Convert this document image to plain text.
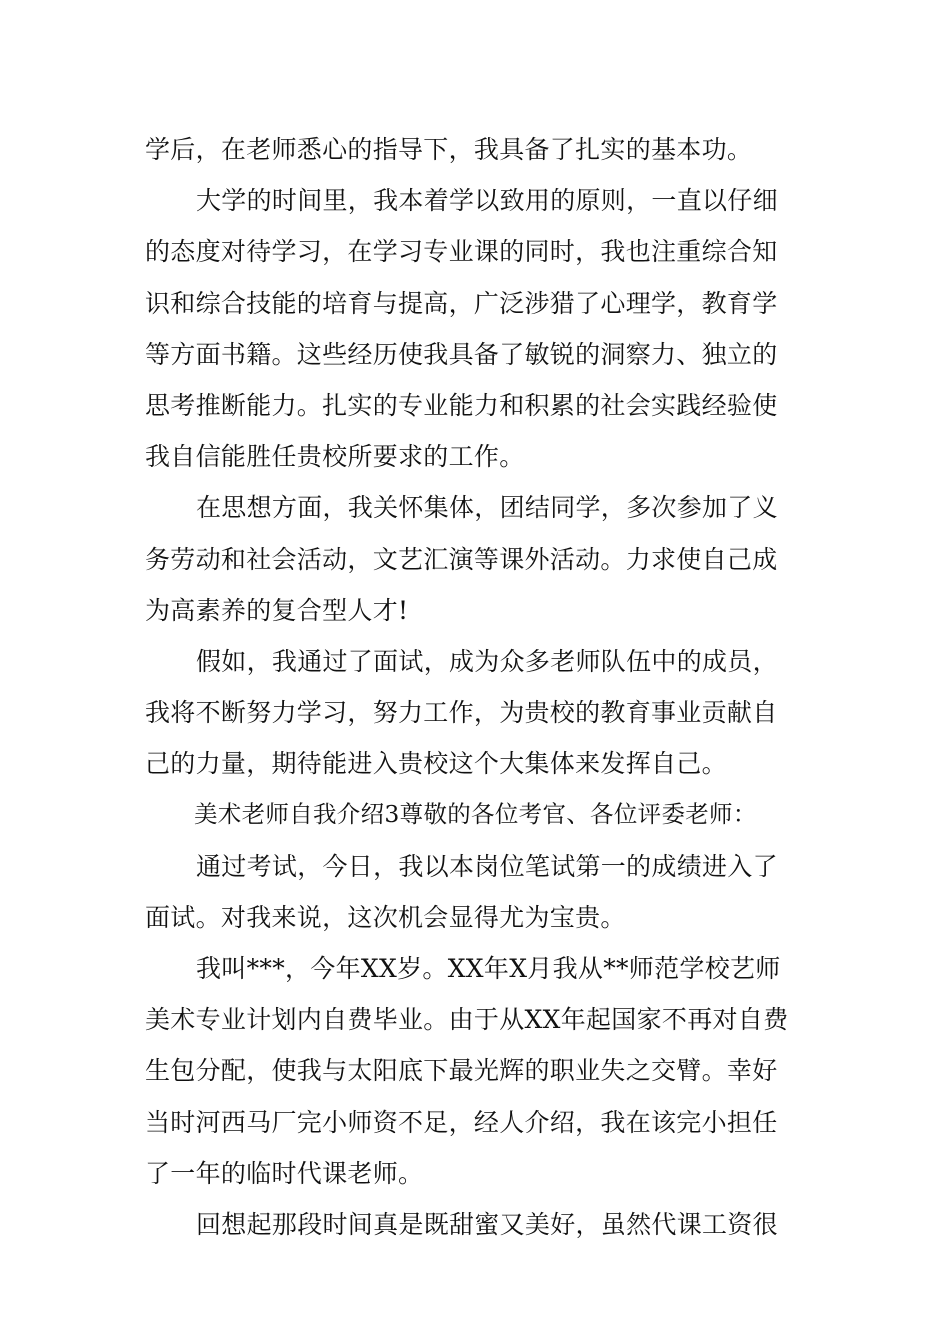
学后，在老师悉心的指导下，我具备了扎实的基本功。
大学的时间里，我本着学以致用的原则，一直以仔细
的态度对待学习，在学习专业课的同时，我也注重综合知
识和综合技能的培育与提高，广泛涉猎了心理学，教育学
等方面书籍。这些经历使我具备了敏锐的洞察力、独立的
思考推断能力。扎实的专业能力和积累的社会实践经验使
我自信能胜任贵校所要求的工作。
在思想方面，我关怀集体，团结同学，多次参加了义
务劳动和社会活动，文艺汇演等课外活动。力求使自己成
为高素养的复合型人才!
假如，我通过了面试，成为众多老师队伍中的成员，
我将不断努力学习，努力工作，为贵校的教育事业贡献自
己的力量，期待能进入贵校这个大集体来发挥自己。
美术老师自我介绍3尊敬的各位考官、各位评委老师：
通过考试，今日，我以本岗位笔试第一的成绩进入了
面试。对我来说，这次机会显得尤为宝贵。
我叫***，今年XX岁。XX年X月我从**师范学校艺师
美术专业计划内自费毕业。由于从XX年起国家不再对自费
生包分配，使我与太阳底下最光辉的职业失之交臂。幸好
当时河西马厂完小师资不足，经人介绍，我在该完小担任
了一年的临时代课老师。
回想起那段时间真是既甜蜜又美好，虽然代课工资很
